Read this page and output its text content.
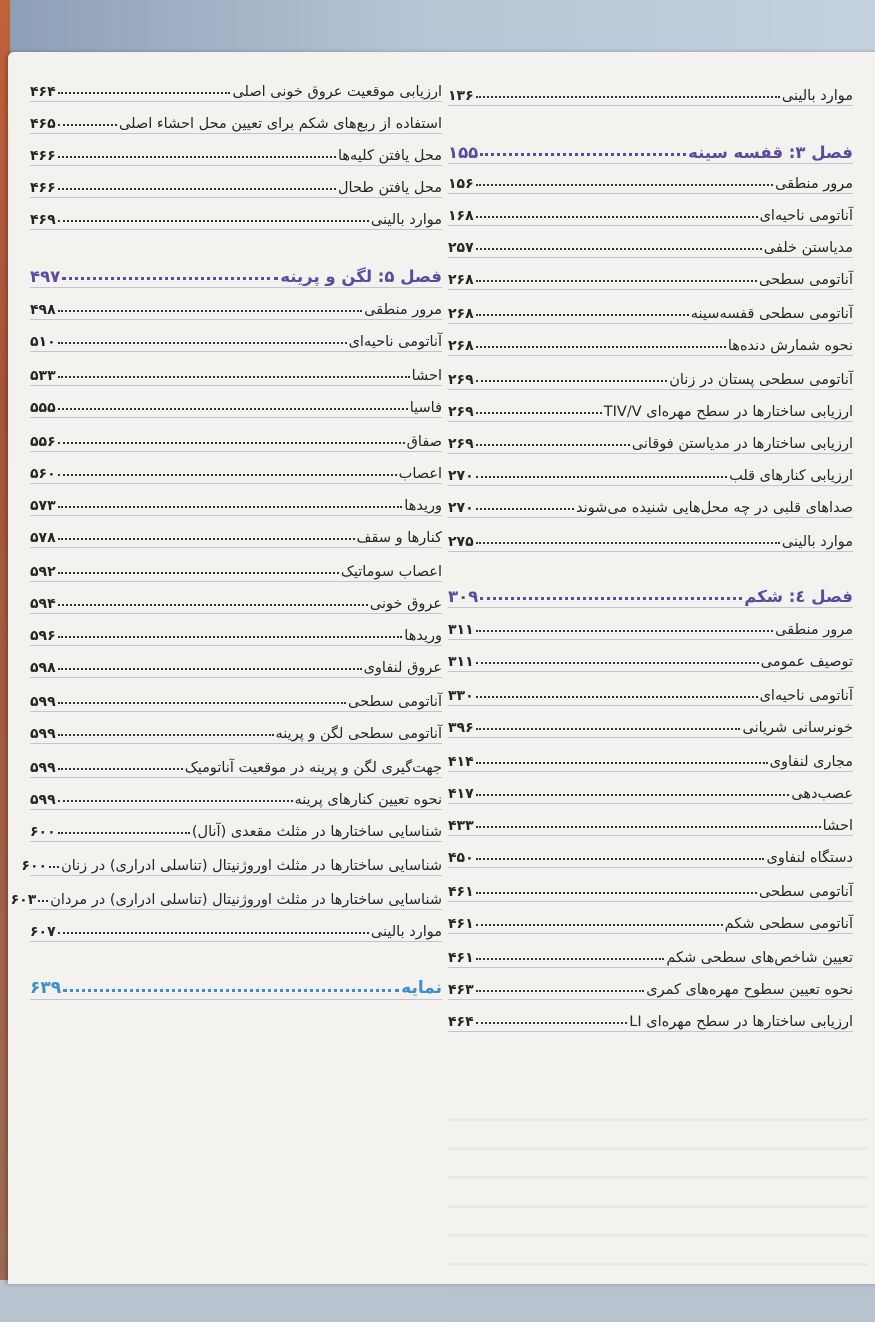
موارد بالینی
۱۳۶
فصل ۳: قفسه سینه
۱۵۵
مرور منطقی
۱۵۶
آناتومی ناحیه‌ای
۱۶۸
مدیاستن خلفی
۲۵۷
آناتومی سطحی
۲۶۸
آناتومی سطحی قفسه‌سینه
۲۶۸
نحوه شمارش دنده‌ها
۲۶۸
آناتومی سطحی پستان در زنان
۲۶۹
ارزیابی ساختارها در سطح مهره‌ای TIV/V
۲۶۹
ارزیابی ساختارها در مدیاستن فوقانی
۲۶۹
ارزیابی کنارهای قلب
۲۷۰
صداهای قلبی در چه محل‌هایی شنیده می‌شوند
۲۷۰
موارد بالینی
۲۷۵
فصل ٤: شکم
۳۰۹
مرور منطقی
۳۱۱
توصیف عمومی
۳۱۱
آناتومی ناحیه‌ای
۳۳۰
خونرسانی شریانی
۳۹۶
مجاری لنفاوی
۴۱۴
عصب‌دهی
۴۱۷
احشا
۴۳۳
دستگاه لنفاوی
۴۵۰
آناتومی سطحی
۴۶۱
آناتومی سطحی شکم
۴۶۱
تعیین شاخص‌های سطحی شکم
۴۶۱
نحوه تعیین سطوح مهره‌های کمری
۴۶۳
ارزیابی ساختارها در سطح مهره‌ای LI
۴۶۴
ارزیابی موقعیت عروق خونی اصلی
۴۶۴
استفاده از ربع‌های شکم برای تعیین محل احشاء اصلی
۴۶۵
محل یافتن کلیه‌ها
۴۶۶
محل یافتن طحال
۴۶۶
موارد بالینی
۴۶۹
فصل ۵: لگن و پرینه
۴۹۷
مرور منطقی
۴۹۸
آناتومی ناحیه‌ای
۵۱۰
احشا
۵۳۳
فاسیا
۵۵۵
صفاق
۵۵۶
اعصاب
۵۶۰
وریدها
۵۷۳
کنارها و سقف
۵۷۸
اعصاب سوماتیک
۵۹۲
عروق خونی
۵۹۴
وریدها
۵۹۶
عروق لنفاوی
۵۹۸
آناتومی سطحی
۵۹۹
آناتومی سطحی لگن و پرینه
۵۹۹
جهت‌گیری لگن و پرینه در موقعیت آناتومیک
۵۹۹
نحوه تعیین کنارهای پرینه
۵۹۹
شناسایی ساختارها در مثلث مقعدی (آنال)
۶۰۰
شناسایی ساختارها در مثلث اوروژنیتال (تناسلی ادراری) در زنان
۶۰۰
شناسایی ساختارها در مثلث اوروژنیتال (تناسلی ادراری) در مردان
۶۰۳
موارد بالینی
۶۰۷
نمایه
۶۳۹
